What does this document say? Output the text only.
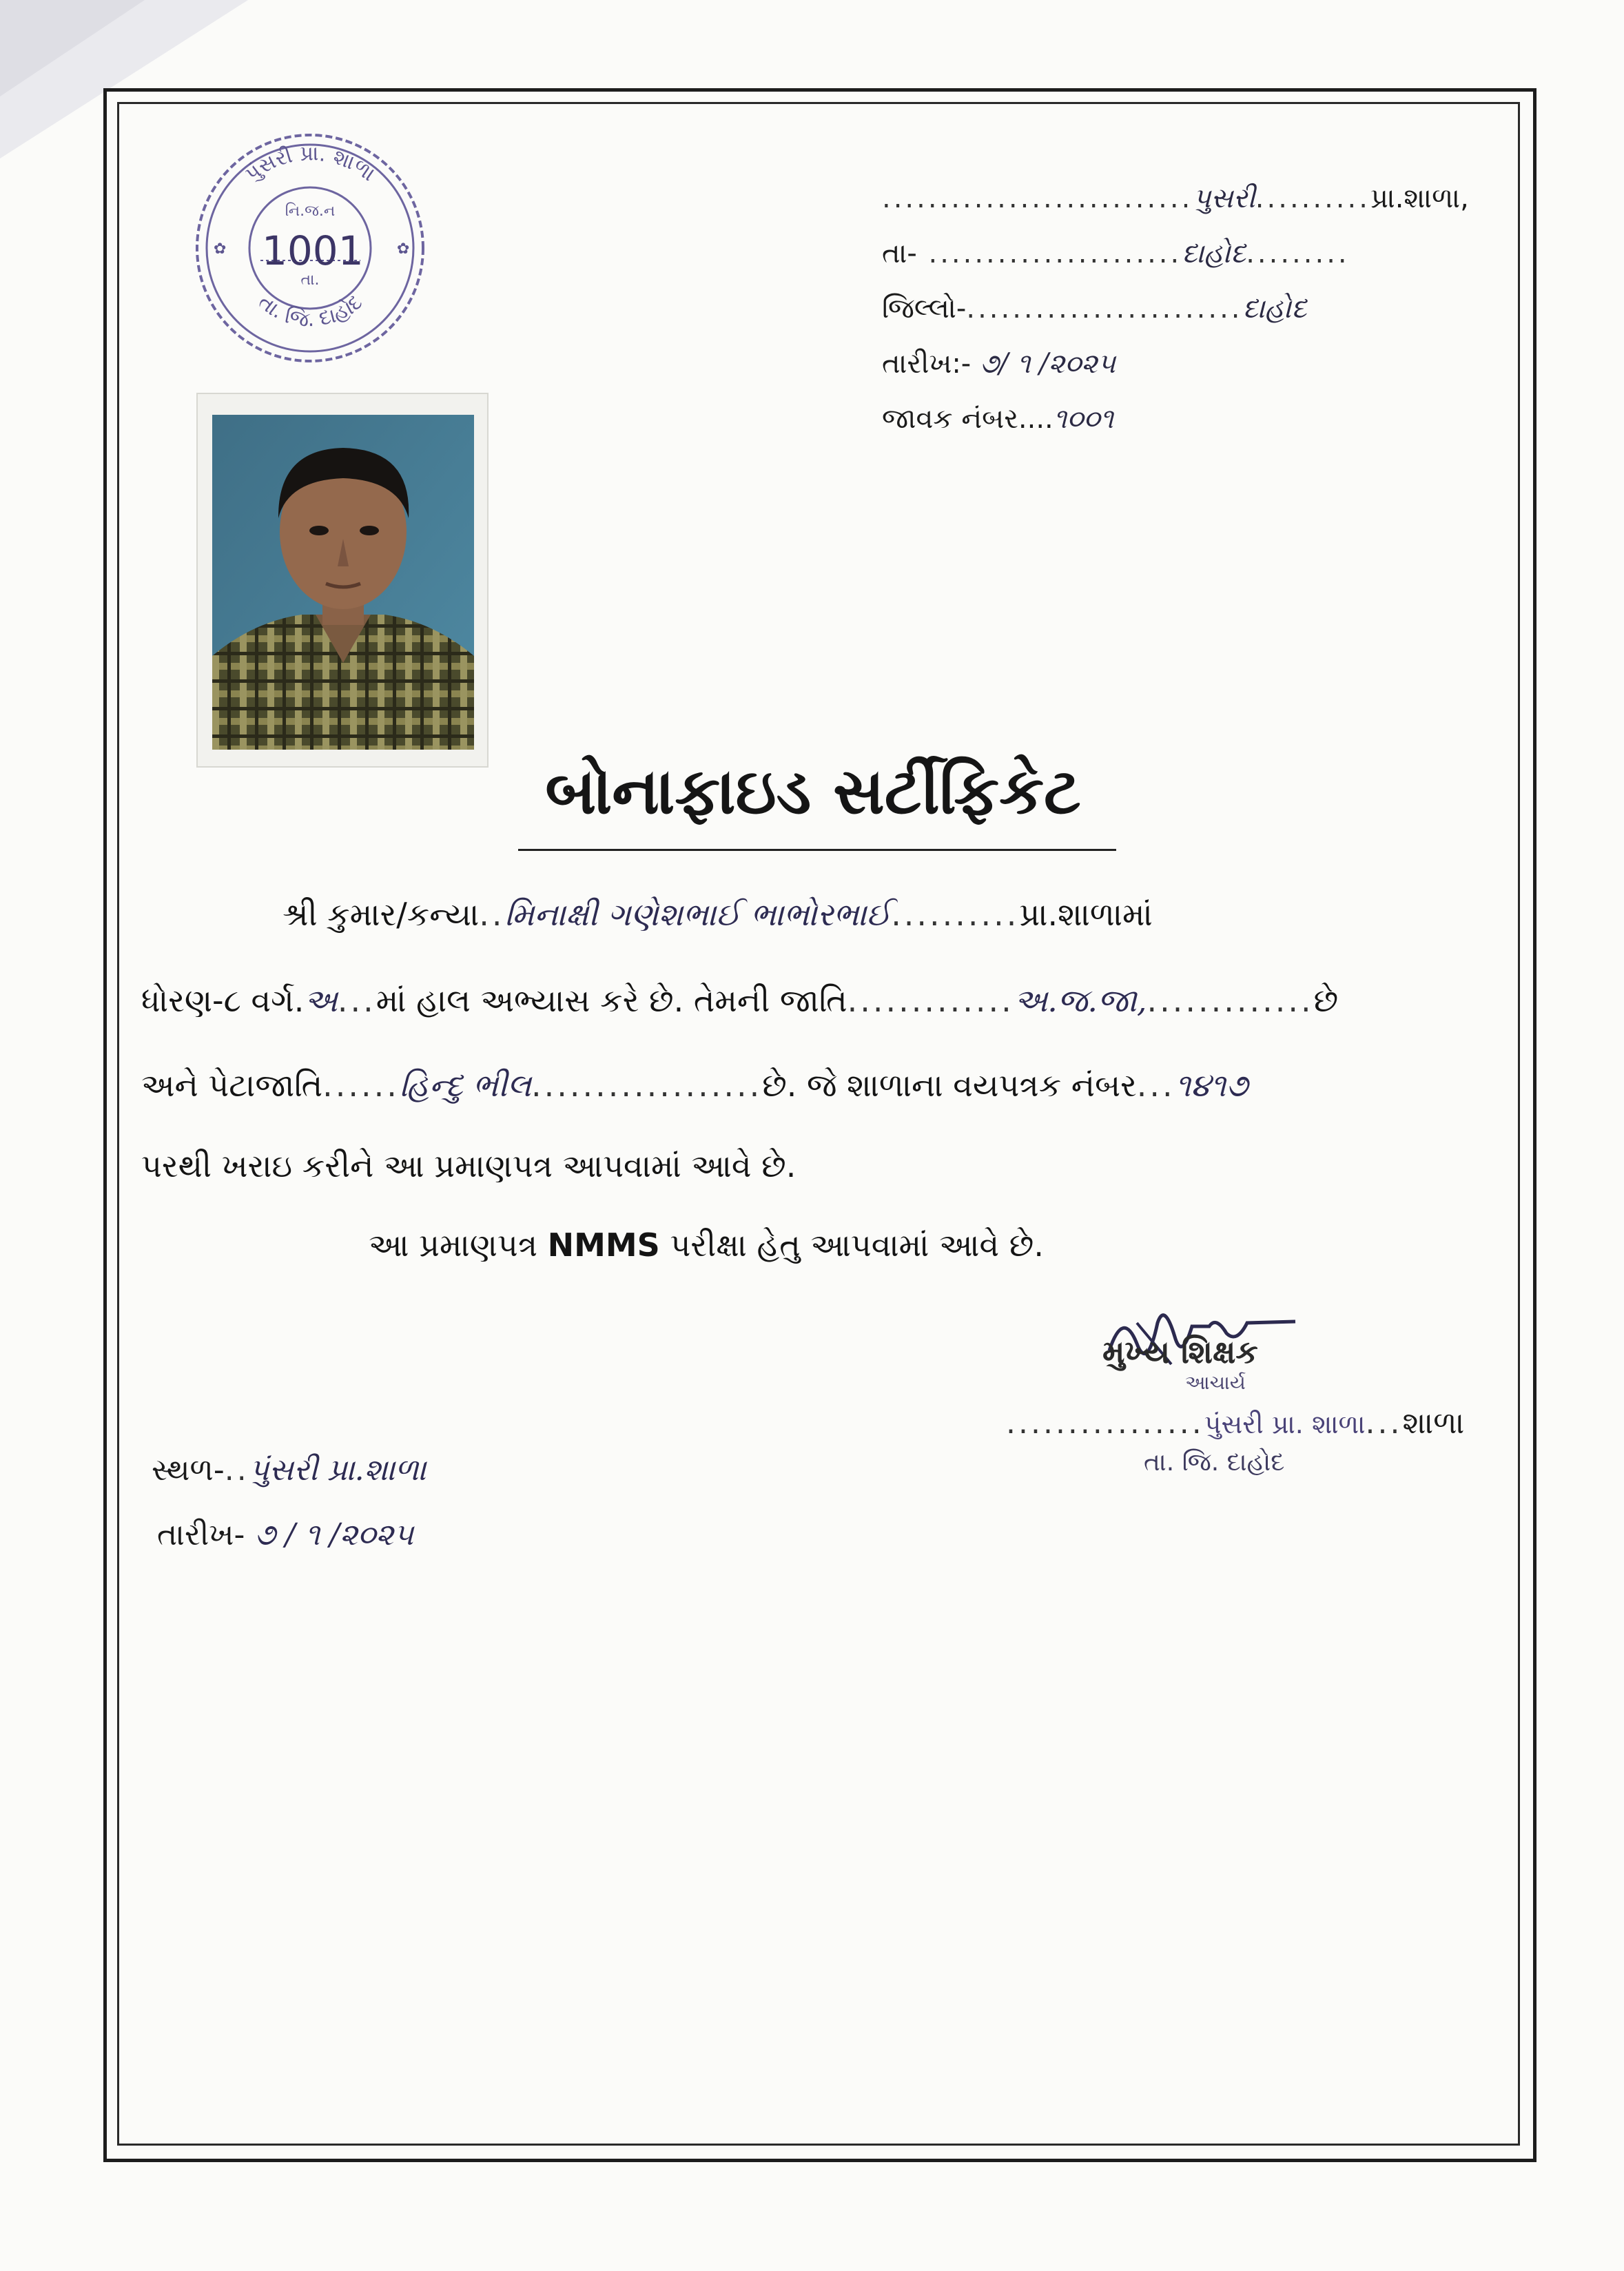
પુંસરી પ્રા. શાળા
તા. જિ. દાહોદ
નિ.જ.ન
તા.
✿	✿
1001
...........................પુસરી..........પ્રા.શાળા,
તા- ......................દાહોદ.........
જિલ્લો-........................દાહોદ
તારીખ:- ૭/ ૧ /૨૦૨૫
જાવક નંબર....૧૦૦૧
બોનાફાઇડ સર્ટીફિકેટ
શ્રી કુમાર/કન્યા..મિનાક્ષી ગણેશભાઈ ભાભોરભાઈ..........પ્રા.શાળામાં
ધોરણ-૮ વર્ગ.અ...માં હાલ અભ્યાસ કરે છે. તેમની જાતિ.............અ.જ.જા,.............છે
અને પેટાજાતિ......હિન્દુ ભીલ..................છે. જે શાળાના વયપત્રક નંબર...૧૪૧૭
પરથી ખરાઇ કરીને આ પ્રમાણપત્ર આપવામાં આવે છે.
આ પ્રમાણપત્ર NMMS પરીક્ષા હેતુ આપવામાં આવે છે.
મુખ્ય શિક્ષક
આચાર્ય
................પુંસરી પ્રા. શાળા...શાળા
તા. જિ. દાહોદ
સ્થળ-..પુંસરી પ્રા.શાળા
તારીખ- ૭ / ૧ /૨૦૨૫
